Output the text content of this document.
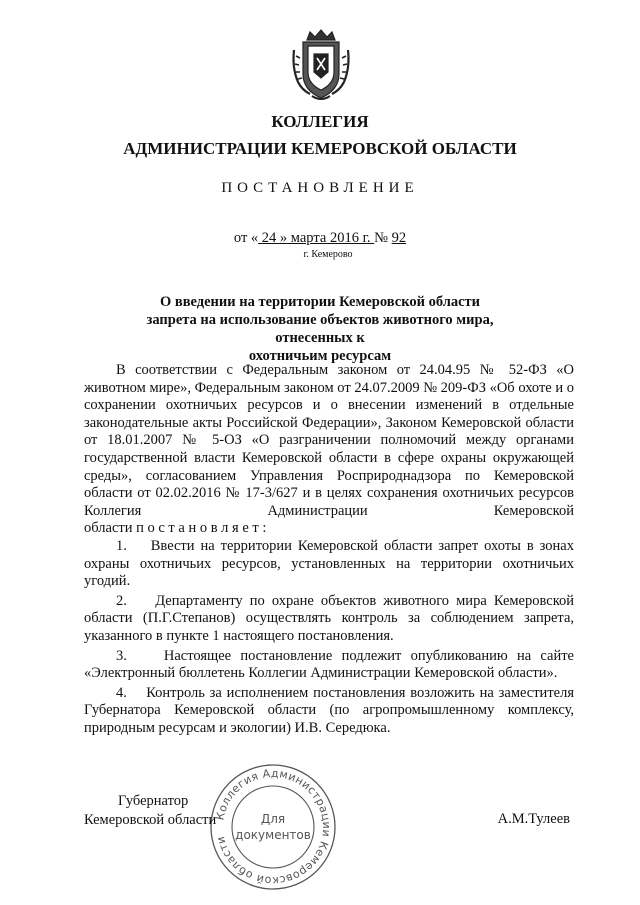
КОЛЛЕГИЯ
АДМИНИСТРАЦИИ КЕМЕРОВСКОЙ ОБЛАСТИ
ПОСТАНОВЛЕНИЕ
от « 24 » марта 2016 г. № 92
г. Кемерово
О введении на территории Кемеровской области
запрета на использование объектов животного мира, отнесенных к
охотничьим ресурсам

В соответствии с Федеральным законом от 24.04.95 № 52-ФЗ «О животном мире», Федеральным законом от 24.07.2009 № 209-ФЗ «Об охоте и о сохранении охотничьих ресурсов и о внесении изменений в отдельные законодательные акты Российской Федерации», Законом Кемеровской области от 18.01.2007 № 5-ОЗ «О разграничении полномочий между органами государственной власти Кемеровской области в сфере охраны окружающей среды», согласованием Управления Росприроднадзора по Кемеровской области от 02.02.2016 № 17-3/627 и в целях сохранения охотничьих ресурсов Коллегия Администрации Кемеровской

области п о с т а н о в л я е т :

1. Ввести на территории Кемеровской области запрет охоты в зонах охраны охотничьих ресурсов, установленных на территории охотничьих угодий.

2. Департаменту по охране объектов животного мира Кемеровской области (П.Г.Степанов) осуществлять контроль за соблюдением запрета, указанного в пункте 1 настоящего постановления.

3.	Настоящее постановление подлежит опубликованию на сайте «Электронный бюллетень Коллегии Администрации Кемеровской области».

4. Контроль за исполнением постановления возложить на заместителя Губернатора Кемеровской области (по агропромышленному комплексу, природным ресурсам и экологии) И.В. Середюка.

Коллегия Администрации Кемеровской области
Для
документов
Губернатор
Кемеровской области	А.М.Тулеев
